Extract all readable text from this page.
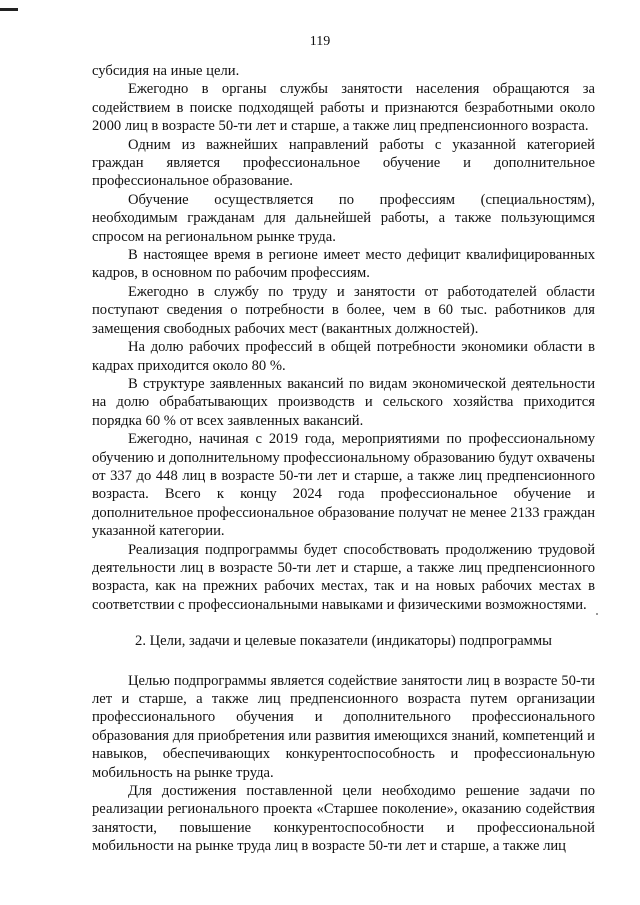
119

субсидия на иные цели.

Ежегодно в органы службы занятости населения обращаются за содействием в поиске подходящей работы и признаются безработными около 2000 лиц в возрасте 50-ти лет и старше, а также лиц предпенсионного возраста.

Одним из важнейших направлений работы с указанной категорией граждан является профессиональное обучение и дополнительное профессиональное образование.

Обучение осуществляется по профессиям (специальностям), необходимым гражданам для дальнейшей работы, а также пользующимся спросом на региональном рынке труда.

В настоящее время в регионе имеет место дефицит квалифицированных кадров, в основном по рабочим профессиям.

Ежегодно в службу по труду и занятости от работодателей области поступают сведения о потребности в более, чем в 60 тыс. работников для замещения свободных рабочих мест (вакантных должностей).

На долю рабочих профессий в общей потребности экономики области в кадрах приходится около 80 %.

В структуре заявленных вакансий по видам экономической деятельности на долю обрабатывающих производств и сельского хозяйства приходится порядка 60 % от всех заявленных вакансий.

Ежегодно, начиная с 2019 года, мероприятиями по профессиональному обучению и дополнительному профессиональному образованию будут охвачены от 337 до 448 лиц в возрасте 50-ти лет и старше, а также лиц предпенсионного возраста. Всего к концу 2024 года профессиональное обучение и дополнительное профессиональное образование получат не менее 2133 граждан указанной категории.

Реализация подпрограммы будет способствовать продолжению трудовой деятельности лиц в возрасте 50-ти лет и старше, а также лиц предпенсионного возраста, как на прежних рабочих местах, так и на новых рабочих местах в соответствии с профессиональными навыками и физическими возможностями.

2. Цели, задачи и целевые показатели (индикаторы) подпрограммы

Целью подпрограммы является содействие занятости лиц в возрасте 50-ти лет и старше, а также лиц предпенсионного возраста путем организации профессионального обучения и дополнительного профессионального образования для приобретения или развития имеющихся знаний, компетенций и навыков, обеспечивающих конкурентоспособность и профессиональную мобильность на рынке труда.

Для достижения поставленной цели необходимо решение задачи по реализации регионального проекта «Старшее поколение», оказанию содействия занятости, повышение конкурентоспособности и профессиональной мобильности на рынке труда лиц в возрасте 50-ти лет и старше, а также лиц
